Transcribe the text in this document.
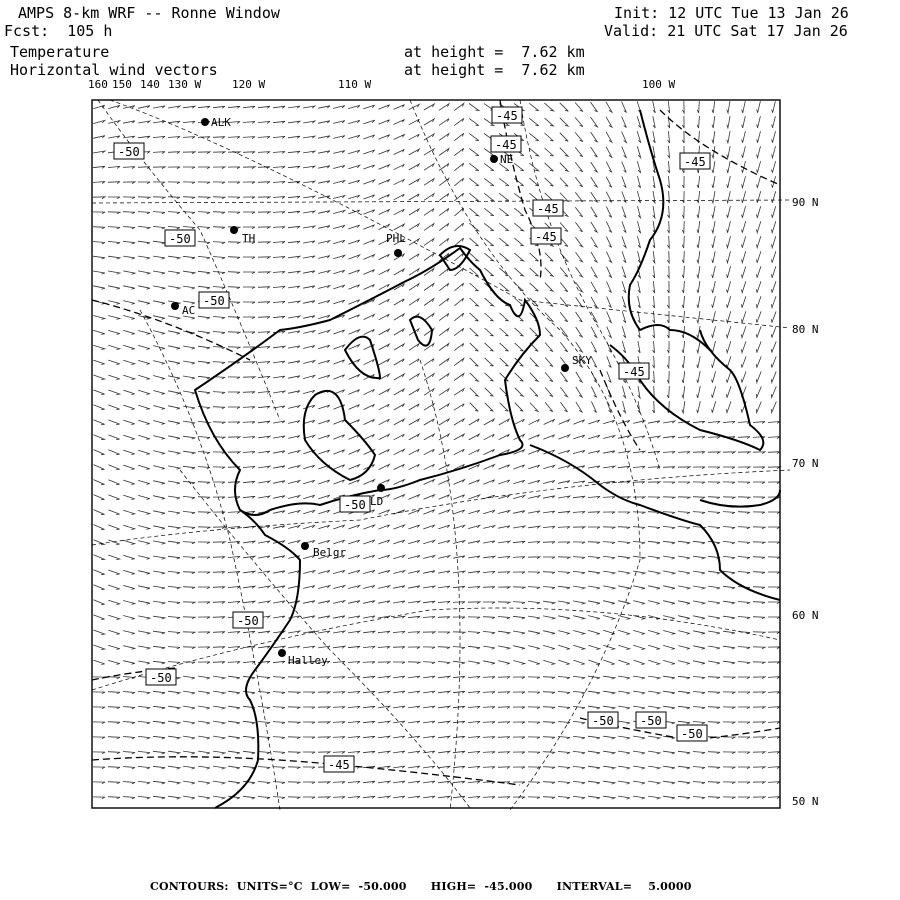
AMPS 8-km WRF -- Ronne Window
Fcst:  105 h
Init: 12 UTC Tue 13 Jan 26
Valid: 21 UTC Sat 17 Jan 26
Temperature
Horizontal wind vectors
at height =  7.62 km
at height =  7.62 km
160 150 140 130 W	120 W	110 W	100 W
90 N
80 N
70 N
60 N
50 N
ALK
NE
TH	PHL
AC
SKY
LD
Belgr
Halley
-45
-45
-45
-45
-50
-45
-50
-50
-50
-45
-50
-50
-50 -50
-50
-45
CONTOURS:  UNITS=°C  LOW=  -50.000      HIGH=  -45.000      INTERVAL=    5.0000
